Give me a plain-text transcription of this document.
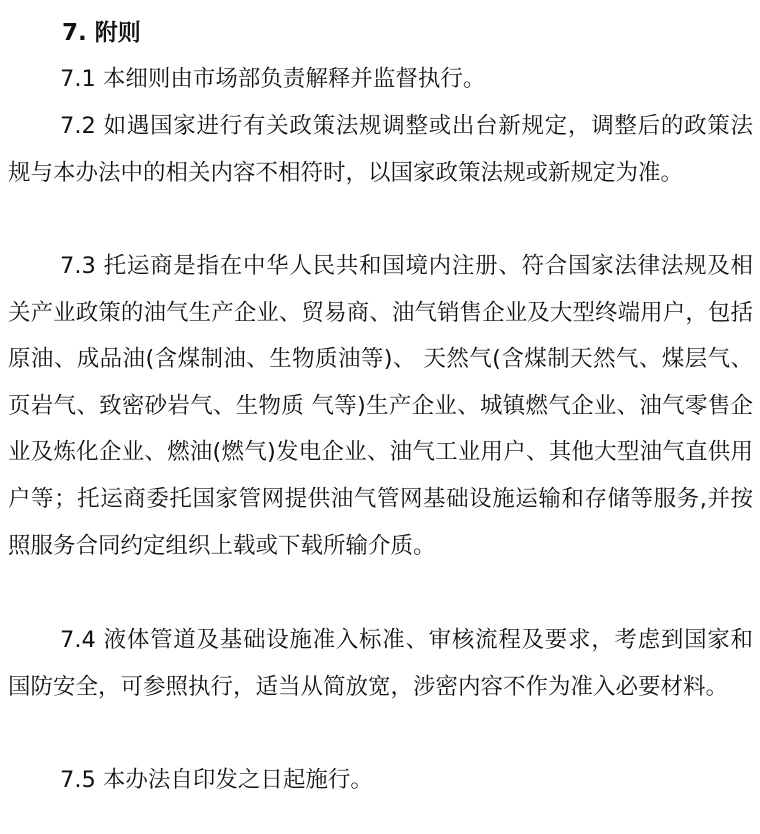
7. 附则

7.1 本细则由市场部负责解释并监督执行。

7.2 如遇国家进行有关政策法规调整或出台新规定，调整后的政策法规与本办法中的相关内容不相符时，以国家政策法规或新规定为准。

7.3 托运商是指在中华人民共和国境内注册、符合国家法律法规及相关产业政策的油气生产企业、贸易商、油气销售企业及大型终端用户，包括原油、成品油(含煤制油、生物质油等)、 天然气(含煤制天然气、煤层气、页岩气、致密砂岩气、生物质 气等)生产企业、城镇燃气企业、油气零售企业及炼化企业、燃油(燃气)发电企业、油气工业用户、其他大型油气直供用户等；托运商委托国家管网提供油气管网基础设施运输和存储等服务,并按照服务合同约定组织上载或下载所输介质。

7.4 液体管道及基础设施准入标准、审核流程及要求，考虑到国家和国防安全，可参照执行，适当从简放宽，涉密内容不作为准入必要材料。

7.5 本办法自印发之日起施行。
